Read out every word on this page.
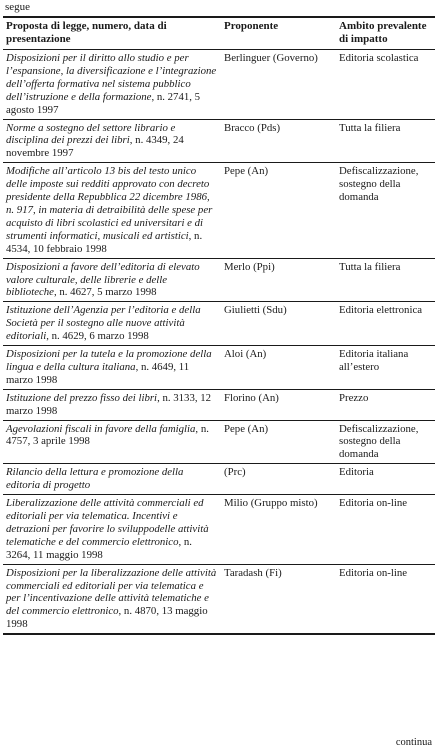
segue
Proposta di legge, numero, data di presentazione	Proponente	Ambito prevalente di impatto
Disposizioni per il diritto allo studio e per l’espansione, la diversificazione e l’integrazione dell’offerta formativa nel sistema pubblico dell’istruzione e della formazione, n. 2741, 5 agosto 1997	Berlinguer (Governo)	Editoria scolastica
Norme a sostegno del settore librario e disciplina dei prezzi dei libri, n. 4349, 24 novembre 1997	Bracco (Pds)	Tutta la filiera
Modifiche all’articolo 13 bis del testo unico delle imposte sui redditi approvato con decreto presidente della Repubblica 22 dicembre 1986, n. 917, in materia di detraibilità delle spese per acquisto di libri scolastici ed universitari e di strumenti informatici, musicali ed artistici, n. 4534, 10 febbraio 1998	Pepe (An)	Defiscalizzazione, sostegno della domanda
Disposizioni a favore dell’editoria di elevato valore culturale, delle librerie e delle biblioteche, n. 4627, 5 marzo 1998	Merlo (Ppi)	Tutta la filiera
Istituzione dell’Agenzia per l’editoria e della Società per il sostegno alle nuove attività editoriali, n. 4629, 6 marzo 1998	Giulietti (Sdu)	Editoria elettronica
Disposizioni per la tutela e la promozione della lingua e della cultura italiana, n. 4649, 11 marzo 1998	Aloi (An)	Editoria italiana all’estero
Istituzione del prezzo fisso dei libri, n. 3133, 12 marzo 1998	Florino (An)	Prezzo
Agevolazioni fiscali in favore della famiglia, n. 4757, 3 aprile 1998	Pepe (An)	Defiscalizzazione, sostegno della domanda
Rilancio della lettura e promozione della editoria di progetto	(Prc)	Editoria
Liberalizzazione delle attività commerciali ed editoriali per via telematica. Incentivi e detrazioni per favorire lo sviluppodelle attività telematiche e del commercio elettronico, n. 3264, 11 maggio 1998	Milio (Gruppo misto)	Editoria on-line
Disposizioni per la liberalizzazione delle attività commerciali ed editoriali per via telematica e per l’incentivazione delle attività telematiche e del commercio elettronico, n. 4870, 13 maggio 1998	Taradash (Fi)	Editoria on-line
continua
